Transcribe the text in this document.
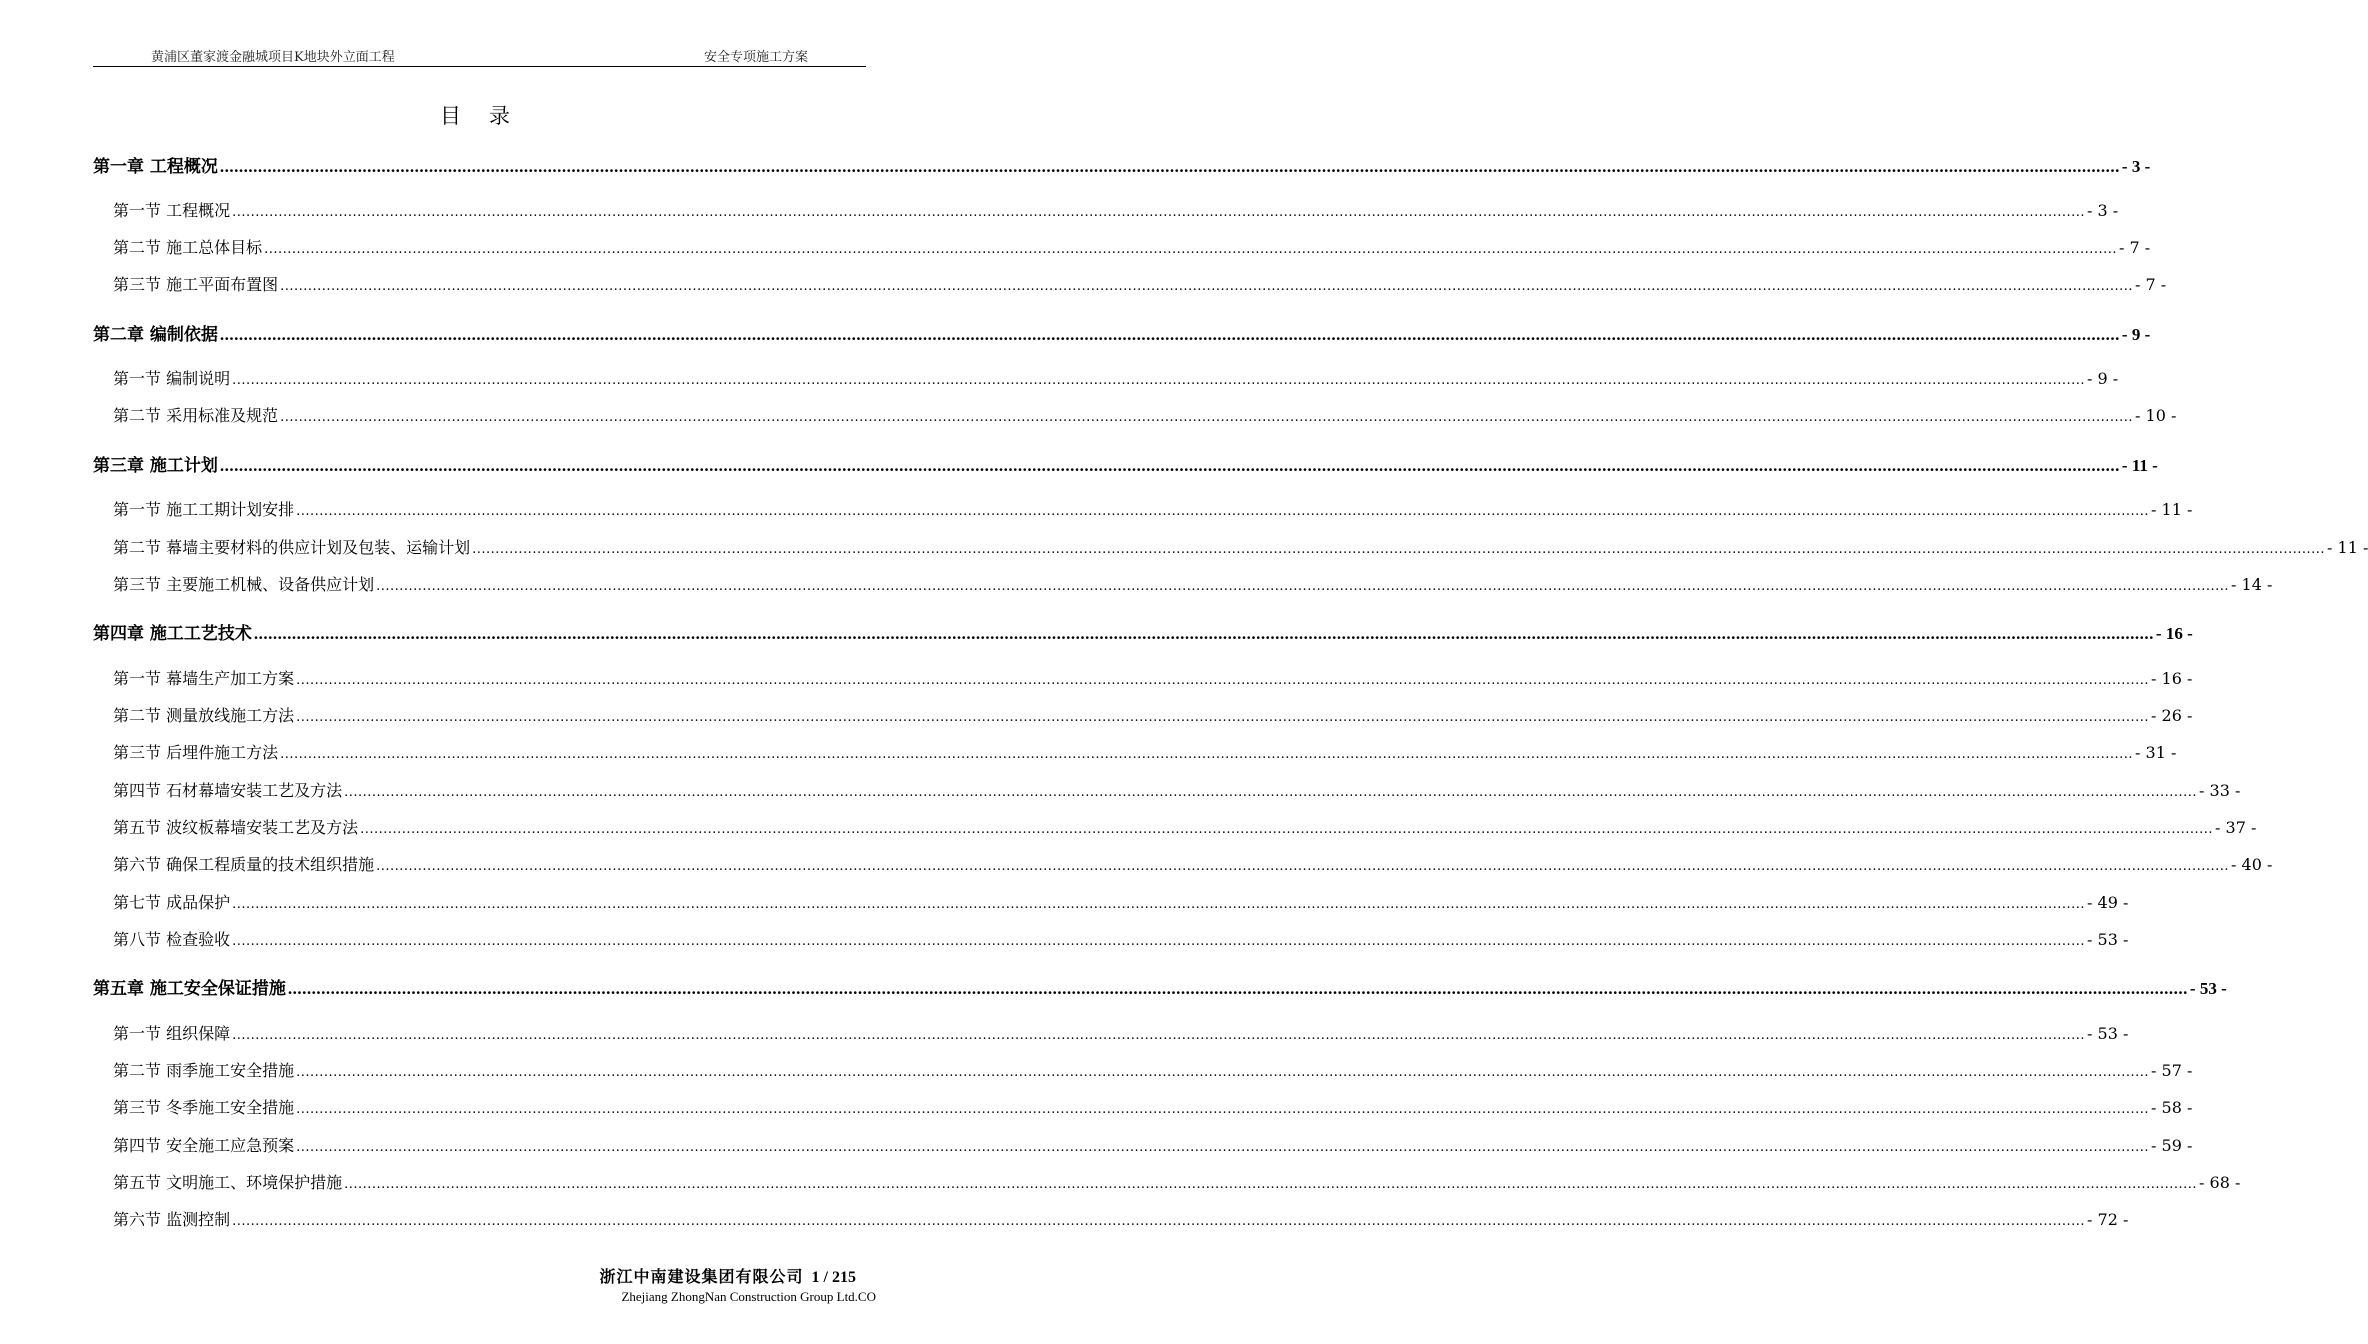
黄浦区董家渡金融城项目K地块外立面工程	安全专项施工方案
目录
第一章 工程概况 ................................................................................................................................................................................................................................................................................................................................................................................................................ - 3 -
第一节 工程概况 ................................................................................................................................................................................................................................................................................................................................................................................................................ - 3 -
第二节 施工总体目标 ................................................................................................................................................................................................................................................................................................................................................................................................................ - 7 -
第三节 施工平面布置图 ................................................................................................................................................................................................................................................................................................................................................................................................................ - 7 -
第二章 编制依据 ................................................................................................................................................................................................................................................................................................................................................................................................................ - 9 -
第一节 编制说明 ................................................................................................................................................................................................................................................................................................................................................................................................................ - 9 -
第二节 采用标准及规范 ................................................................................................................................................................................................................................................................................................................................................................................................................ - 10 -
第三章 施工计划 ................................................................................................................................................................................................................................................................................................................................................................................................................ - 11 -
第一节 施工工期计划安排 ................................................................................................................................................................................................................................................................................................................................................................................................................ - 11 -
第二节 幕墙主要材料的供应计划及包装、运输计划 ................................................................................................................................................................................................................................................................................................................................................................................................................ - 11 -
第三节 主要施工机械、设备供应计划 ................................................................................................................................................................................................................................................................................................................................................................................................................ - 14 -
第四章 施工工艺技术 ................................................................................................................................................................................................................................................................................................................................................................................................................ - 16 -
第一节 幕墙生产加工方案 ................................................................................................................................................................................................................................................................................................................................................................................................................ - 16 -
第二节 测量放线施工方法 ................................................................................................................................................................................................................................................................................................................................................................................................................ - 26 -
第三节 后埋件施工方法 ................................................................................................................................................................................................................................................................................................................................................................................................................ - 31 -
第四节 石材幕墙安装工艺及方法 ................................................................................................................................................................................................................................................................................................................................................................................................................ - 33 -
第五节 波纹板幕墙安装工艺及方法 ................................................................................................................................................................................................................................................................................................................................................................................................................ - 37 -
第六节 确保工程质量的技术组织措施 ................................................................................................................................................................................................................................................................................................................................................................................................................ - 40 -
第七节 成品保护 ................................................................................................................................................................................................................................................................................................................................................................................................................ - 49 -
第八节 检查验收 ................................................................................................................................................................................................................................................................................................................................................................................................................ - 53 -
第五章 施工安全保证措施 ................................................................................................................................................................................................................................................................................................................................................................................................................ - 53 -
第一节 组织保障 ................................................................................................................................................................................................................................................................................................................................................................................................................ - 53 -
第二节 雨季施工安全措施 ................................................................................................................................................................................................................................................................................................................................................................................................................ - 57 -
第三节 冬季施工安全措施 ................................................................................................................................................................................................................................................................................................................................................................................................................ - 58 -
第四节 安全施工应急预案 ................................................................................................................................................................................................................................................................................................................................................................................................................ - 59 -
第五节 文明施工、环境保护措施 ................................................................................................................................................................................................................................................................................................................................................................................................................ - 68 -
第六节 监测控制 ................................................................................................................................................................................................................................................................................................................................................................................................................ - 72 -
浙江中南建设集团有限公司 1 / 215
Zhejiang ZhongNan Construction Group Ltd.CO
